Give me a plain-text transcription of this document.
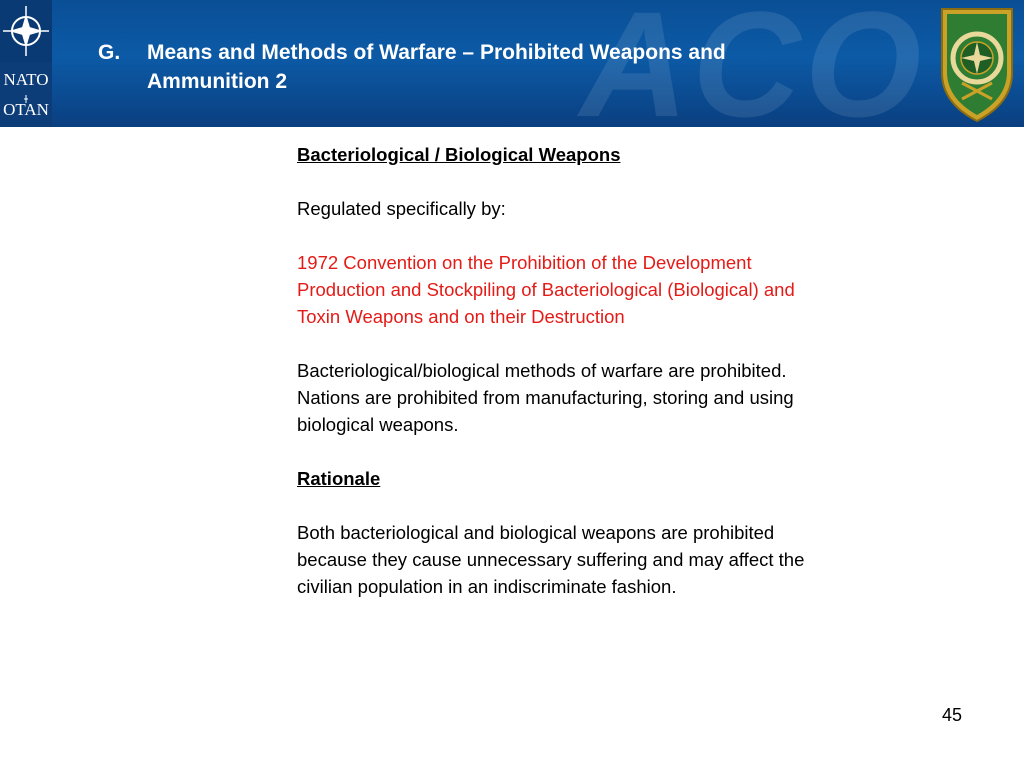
ACO
NATO
OTAN
G. Means and Methods of Warfare – Prohibited Weapons and
Ammunition 2

Bacteriological / Biological Weapons

Regulated specifically by:

1972 Convention on the Prohibition of the Development
Production and Stockpiling of Bacteriological (Biological) and
Toxin Weapons and on their Destruction

Bacteriological/biological methods of warfare are prohibited.
Nations are prohibited from manufacturing, storing and using
biological weapons.

Rationale

Both bacteriological and biological weapons are prohibited
because they cause unnecessary suffering and may affect the
civilian population in an indiscriminate fashion.

45
